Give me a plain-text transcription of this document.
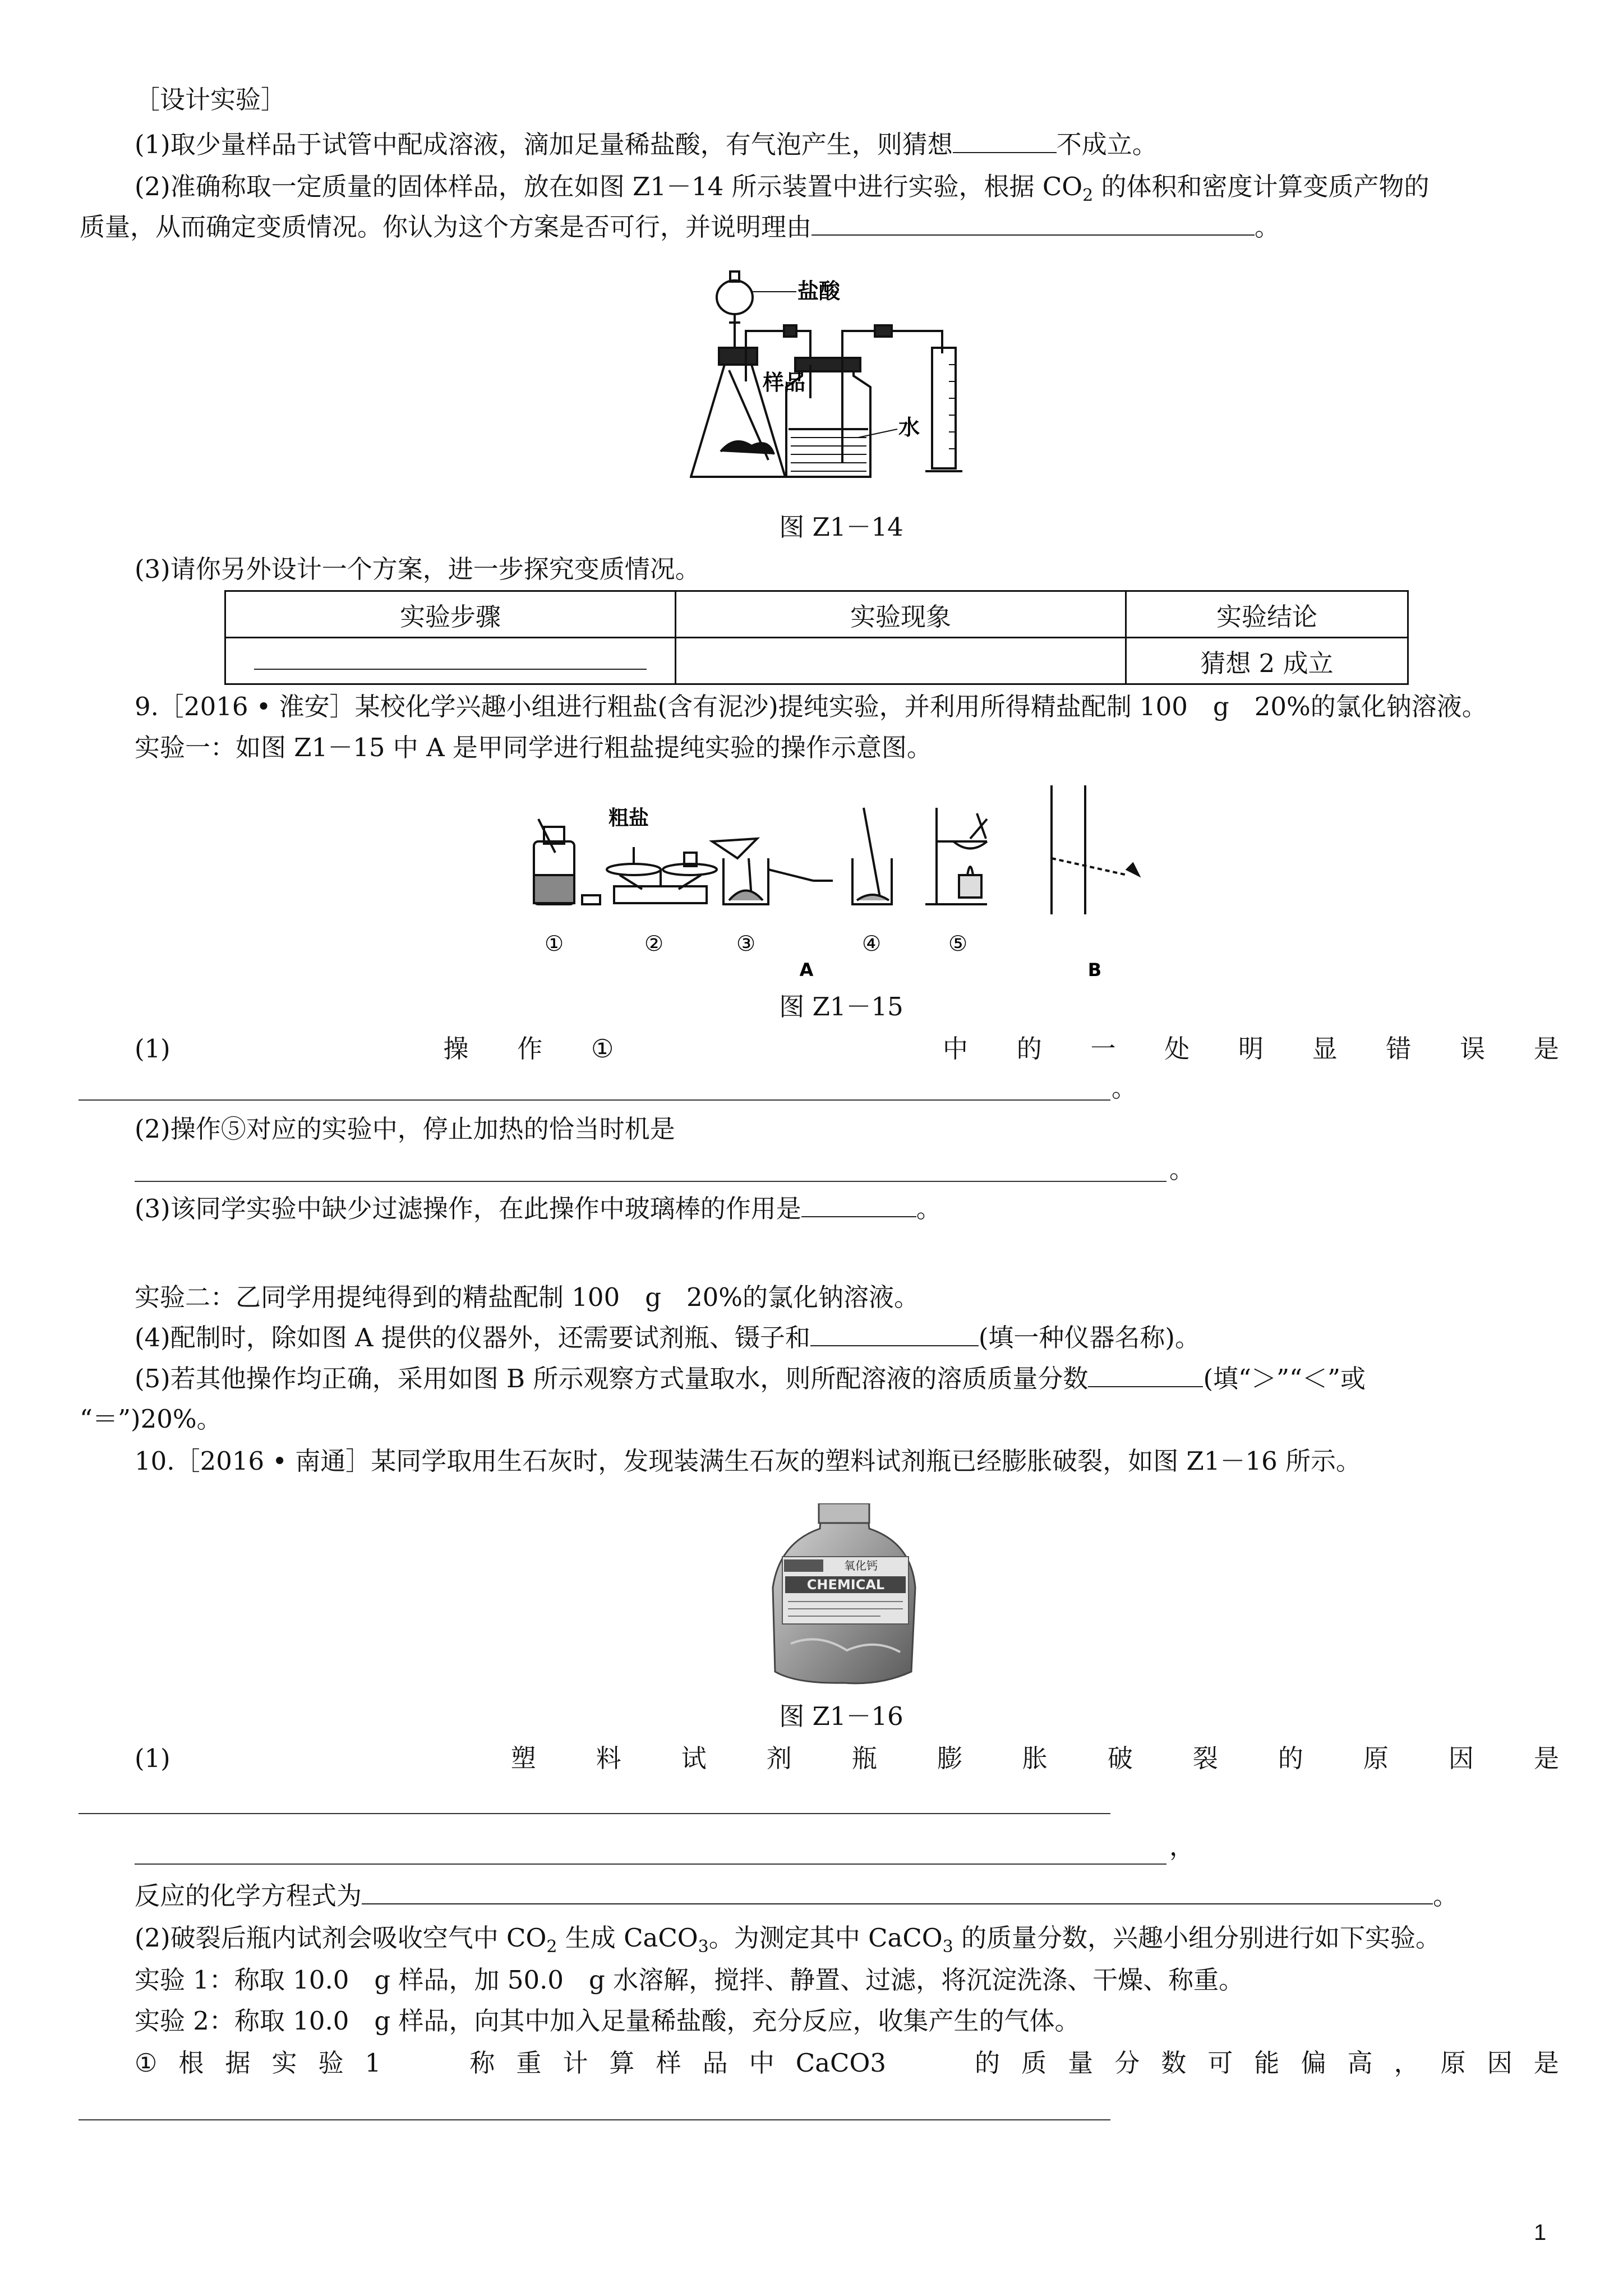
［设计实验］
(1)取少量样品于试管中配成溶液，滴加足量稀盐酸，有气泡产生，则猜想	不成立。
(2)准确称取一定质量的固体样品，放在如图 Z1－14 所示装置中进行实验，根据 $CO_2$ 的体积和密度计算变质产物的
质量，从而确定变质情况。你认为这个方案是否可行，并说明理由	。
盐酸
样品
水
图 Z1－14
(3)请你另外设计一个方案，进一步探究变质情况。
实验步骤	实验现象	实验结论
		猜想 2 成立
9.［2016 • 淮安］某校化学兴趣小组进行粗盐(含有泥沙)提纯实验，并利用所得精盐配制 100　g　20%的氯化钠溶液。
实验一：如图 Z1－15 中 A 是甲同学进行粗盐提纯实验的操作示意图。
粗盐
①	②	③	④	⑤
A	B
图 Z1－15
(1)	操 作 ①	中 的 一 处 明 显 错 误 是
。
(2)操作⑤对应的实验中，停止加热的恰当时机是
。
(3)该同学实验中缺少过滤操作，在此操作中玻璃棒的作用是	。
实验二：乙同学用提纯得到的精盐配制 100　g　20%的氯化钠溶液。
(4)配制时，除如图 A 提供的仪器外，还需要试剂瓶、镊子和	(填一种仪器名称)。
(5)若其他操作均正确，采用如图 B 所示观察方式量取水，则所配溶液的溶质质量分数	(填“＞”“＜”或
“＝”)20%。
10.［2016 • 南通］某同学取用生石灰时，发现装满生石灰的塑料试剂瓶已经膨胀破裂，如图 Z1－16 所示。
氧化钙
CHEMICAL
图 Z1－16
(1)	塑 料 试 剂 瓶 膨 胀 破 裂 的 原 因 是
，
反应的化学方程式为	。
(2)破裂后瓶内试剂会吸收空气中 $CO_2$ 生成 CaCO$_3$。为测定其中 CaCO$_3$ 的质量分数，兴趣小组分别进行如下实验。
实验 1：称取 10.0　g 样品，加 50.0　g 水溶解，搅拌、静置、过滤，将沉淀洗涤、干燥、称重。
实验 2：称取 10.0　g 样品，向其中加入足量稀盐酸，充分反应，收集产生的气体。
① 根 据 实 验 1	称 重 计 算 样 品 中 CaCO3	的 质 量 分 数 可 能 偏 高 ， 原 因 是
1
